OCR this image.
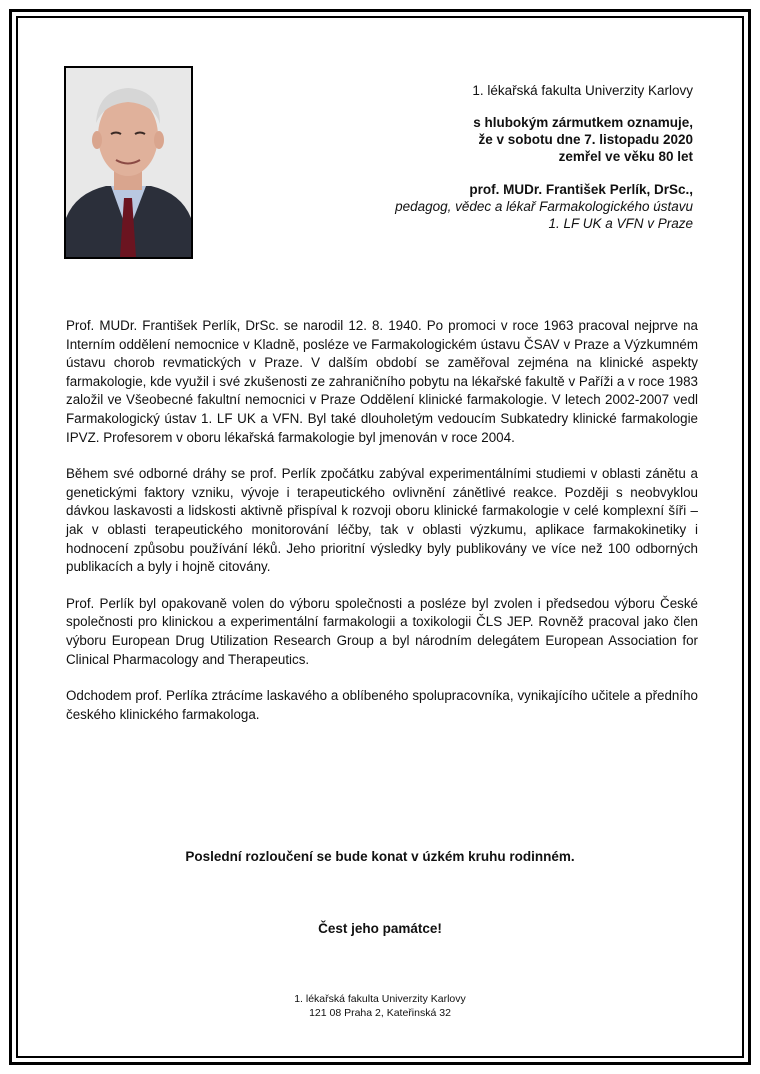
1. lékařská fakulta Univerzity Karlovy
s hlubokým zármutkem oznamuje,
že v sobotu dne 7. listopadu 2020
zemřel ve věku 80 let
prof. MUDr. František Perlík, DrSc.,
pedagog, vědec a lékař Farmakologického ústavu
1. LF UK a VFN v Praze

Prof. MUDr. František Perlík, DrSc. se narodil 12. 8. 1940. Po promoci v roce 1963 pracoval nejprve na Interním oddělení nemocnice v Kladně, posléze ve Farmakologickém ústavu ČSAV v Praze a Výzkumném ústavu chorob revmatických v Praze. V dalším období se zaměřoval zejména na klinické aspekty farmakologie, kde využil i své zkušenosti ze zahraničního pobytu na lékařské fakultě v Paříži a v roce 1983 založil ve Všeobecné fakultní nemocnici v Praze Oddělení klinické farmakologie. V letech 2002-2007 vedl Farmakologický ústav 1. LF UK a VFN. Byl také dlouholetým vedoucím Subkatedry klinické farmakologie IPVZ. Profesorem v oboru lékařská farmakologie byl jmenován v roce 2004.

Během své odborné dráhy se prof. Perlík zpočátku zabýval experimentálními studiemi v oblasti zánětu a genetickými faktory vzniku, vývoje i terapeutického ovlivnění zánětlivé reakce. Později s neobvyklou dávkou laskavosti a lidskosti aktivně přispíval k rozvoji oboru klinické farmakologie v celé komplexní šíři – jak v oblasti terapeutického monitorování léčby, tak v oblasti výzkumu, aplikace farmakokinetiky i hodnocení způsobu používání léků. Jeho prioritní výsledky byly publikovány ve více než 100 odborných publikacích a byly i hojně citovány.

Prof. Perlík byl opakovaně volen do výboru společnosti a posléze byl zvolen i předsedou výboru České společnosti pro klinickou a experimentální farmakologii a toxikologii ČLS JEP. Rovněž pracoval jako člen výboru European Drug Utilization Research Group a byl národním delegátem European Association for Clinical Pharmacology and Therapeutics.

Odchodem prof. Perlíka ztrácíme laskavého a oblíbeného spolupracovníka, vynikajícího učitele a předního českého klinického farmakologa.

Poslední rozloučení se bude konat v úzkém kruhu rodinném.
Čest jeho památce!
1. lékařská fakulta Univerzity Karlovy
121 08 Praha 2, Kateřinská 32
